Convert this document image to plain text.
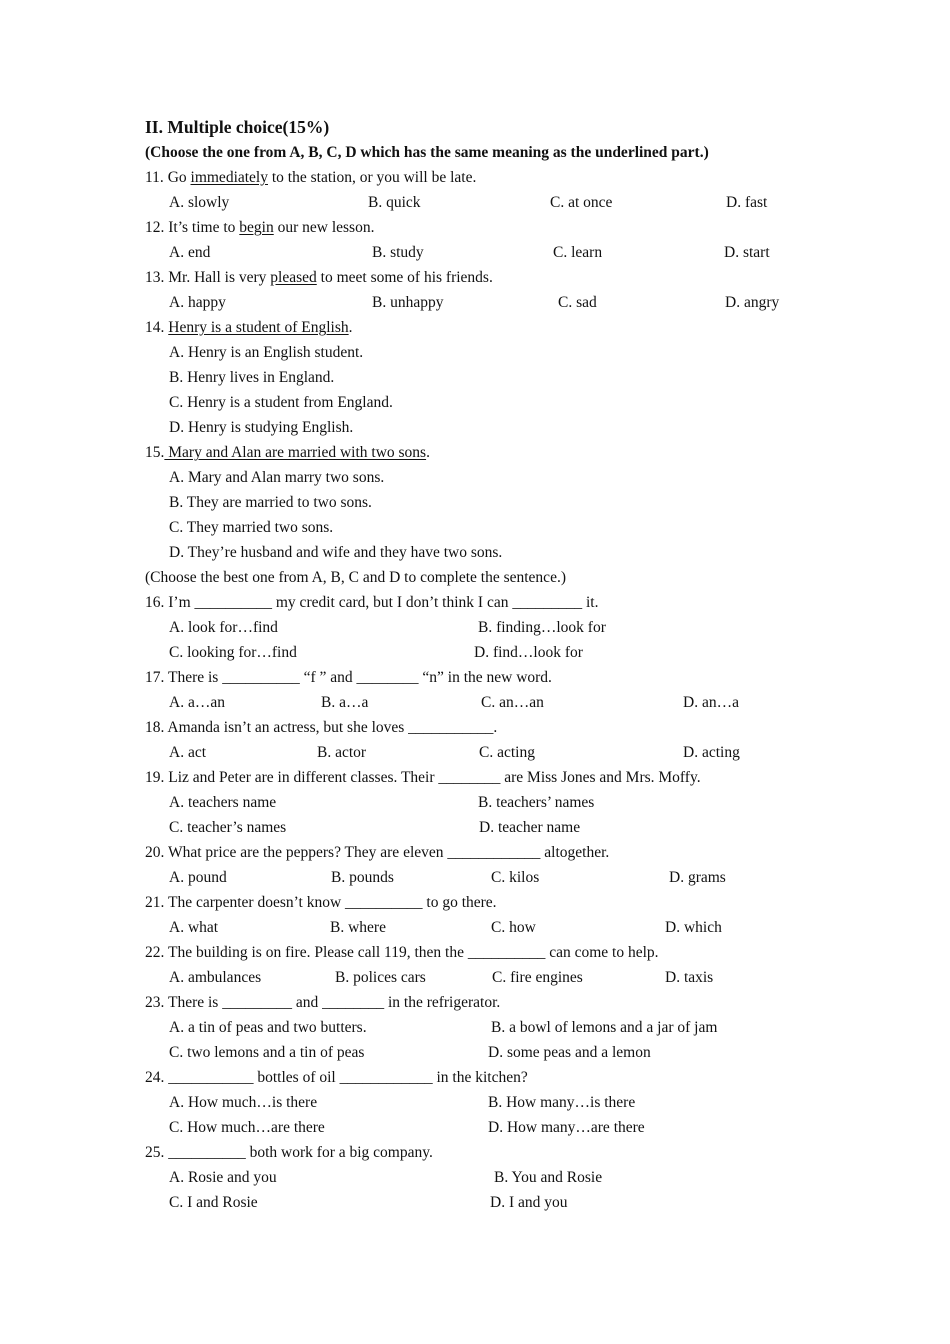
II. Multiple choice(15%)
(Choose the one from A, B, C, D which has the same meaning as the underlined part.)
11. Go immediately to the station, or you will be late.
A. slowly	B. quick	C. at once	D. fast
12. It’s time to begin our new lesson.
A. end	B. study	C. learn	D. start
13. Mr. Hall is very pleased to meet some of his friends.
A. happy	B. unhappy	C. sad	D. angry
14. Henry is a student of English.
A. Henry is an English student.
B. Henry lives in England.
C. Henry is a student from England.
D. Henry is studying English.
15. Mary and Alan are married with two sons.
A. Mary and Alan marry two sons.
B. They are married to two sons.
C. They married two sons.
D. They’re husband and wife and they have two sons.
(Choose the best one from A, B, C and D to complete the sentence.)
16. I’m __________ my credit card, but I don’t think I can _________ it.
A. look for…find	B. finding…look for
C. looking for…find	D. find…look for
17. There is __________ “f ” and ________ “n” in the new word.
A. a…an	B. a…a	C. an…an	D. an…a
18. Amanda isn’t an actress, but she loves ___________.
A. act	B. actor	C. acting	D. acting
19. Liz and Peter are in different classes. Their ________ are Miss Jones and Mrs. Moffy.
A. teachers name	B. teachers’ names
C. teacher’s names	D. teacher name
20. What price are the peppers? They are eleven ____________ altogether.
A. pound	B. pounds	C. kilos	D. grams
21. The carpenter doesn’t know __________ to go there.
A. what	B. where	C. how	D. which
22. The building is on fire. Please call 119, then the __________ can come to help.
A. ambulances	B. polices cars	C. fire engines	D. taxis
23. There is _________ and ________ in the refrigerator.
A. a tin of peas and two butters.	B. a bowl of lemons and a jar of jam
C. two lemons and a tin of peas	D. some peas and a lemon
24. ___________ bottles of oil ____________ in the kitchen?
A. How much…is there	B. How many…is there
C. How much…are there	D. How many…are there
25. __________ both work for a big company.
A. Rosie and you	B. You and Rosie
C. I and Rosie	D. I and you
